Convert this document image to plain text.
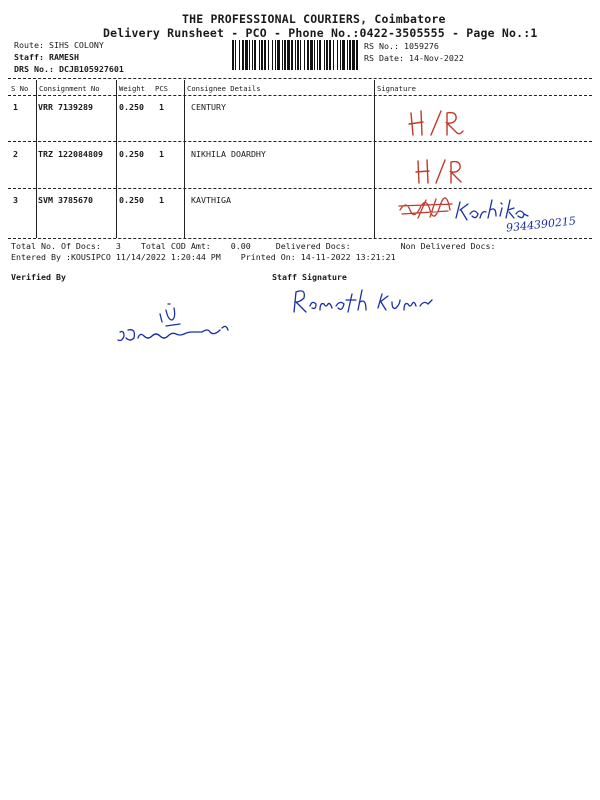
THE PROFESSIONAL COURIERS, Coimbatore
Delivery Runsheet - PCO - Phone No.:0422-3505555 - Page No.:1
Route: SIHS COLONY
Staff: RAMESH
DRS No.: DCJB105927601
RS No.: 1059276
RS Date: 14-Nov-2022
S No Consignment No	Weight PCS	Consignee Details	Signature
1 VRR 7139289	0.250 1	CENTURY
2 TRZ 122084809 0.250 1	NIKHILA DOARDHY
3 SVM 3785670	0.250 1	KAVTHIGA
9344390215
Total No. Of Docs:   3    Total COD Amt:    0.00     Delivered Docs:          Non Delivered Docs:
Entered By :KOUSIPCO 11/14/2022 1:20:44 PM    Printed On: 14-11-2022 13:21:21
Verified By	Staff Signature
